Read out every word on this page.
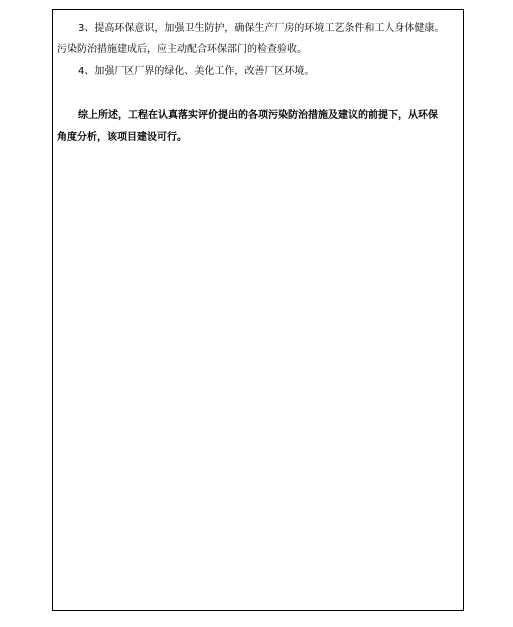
3、提高环保意识，加强卫生防护，确保生产厂房的环境工艺条件和工人身体健康。
污染防治措施建成后，应主动配合环保部门的检查验收。
4、加强厂区厂界的绿化、美化工作，改善厂区环境。
综上所述，工程在认真落实评价提出的各项污染防治措施及建议的前提下，从环保
角度分析，该项目建设可行。
